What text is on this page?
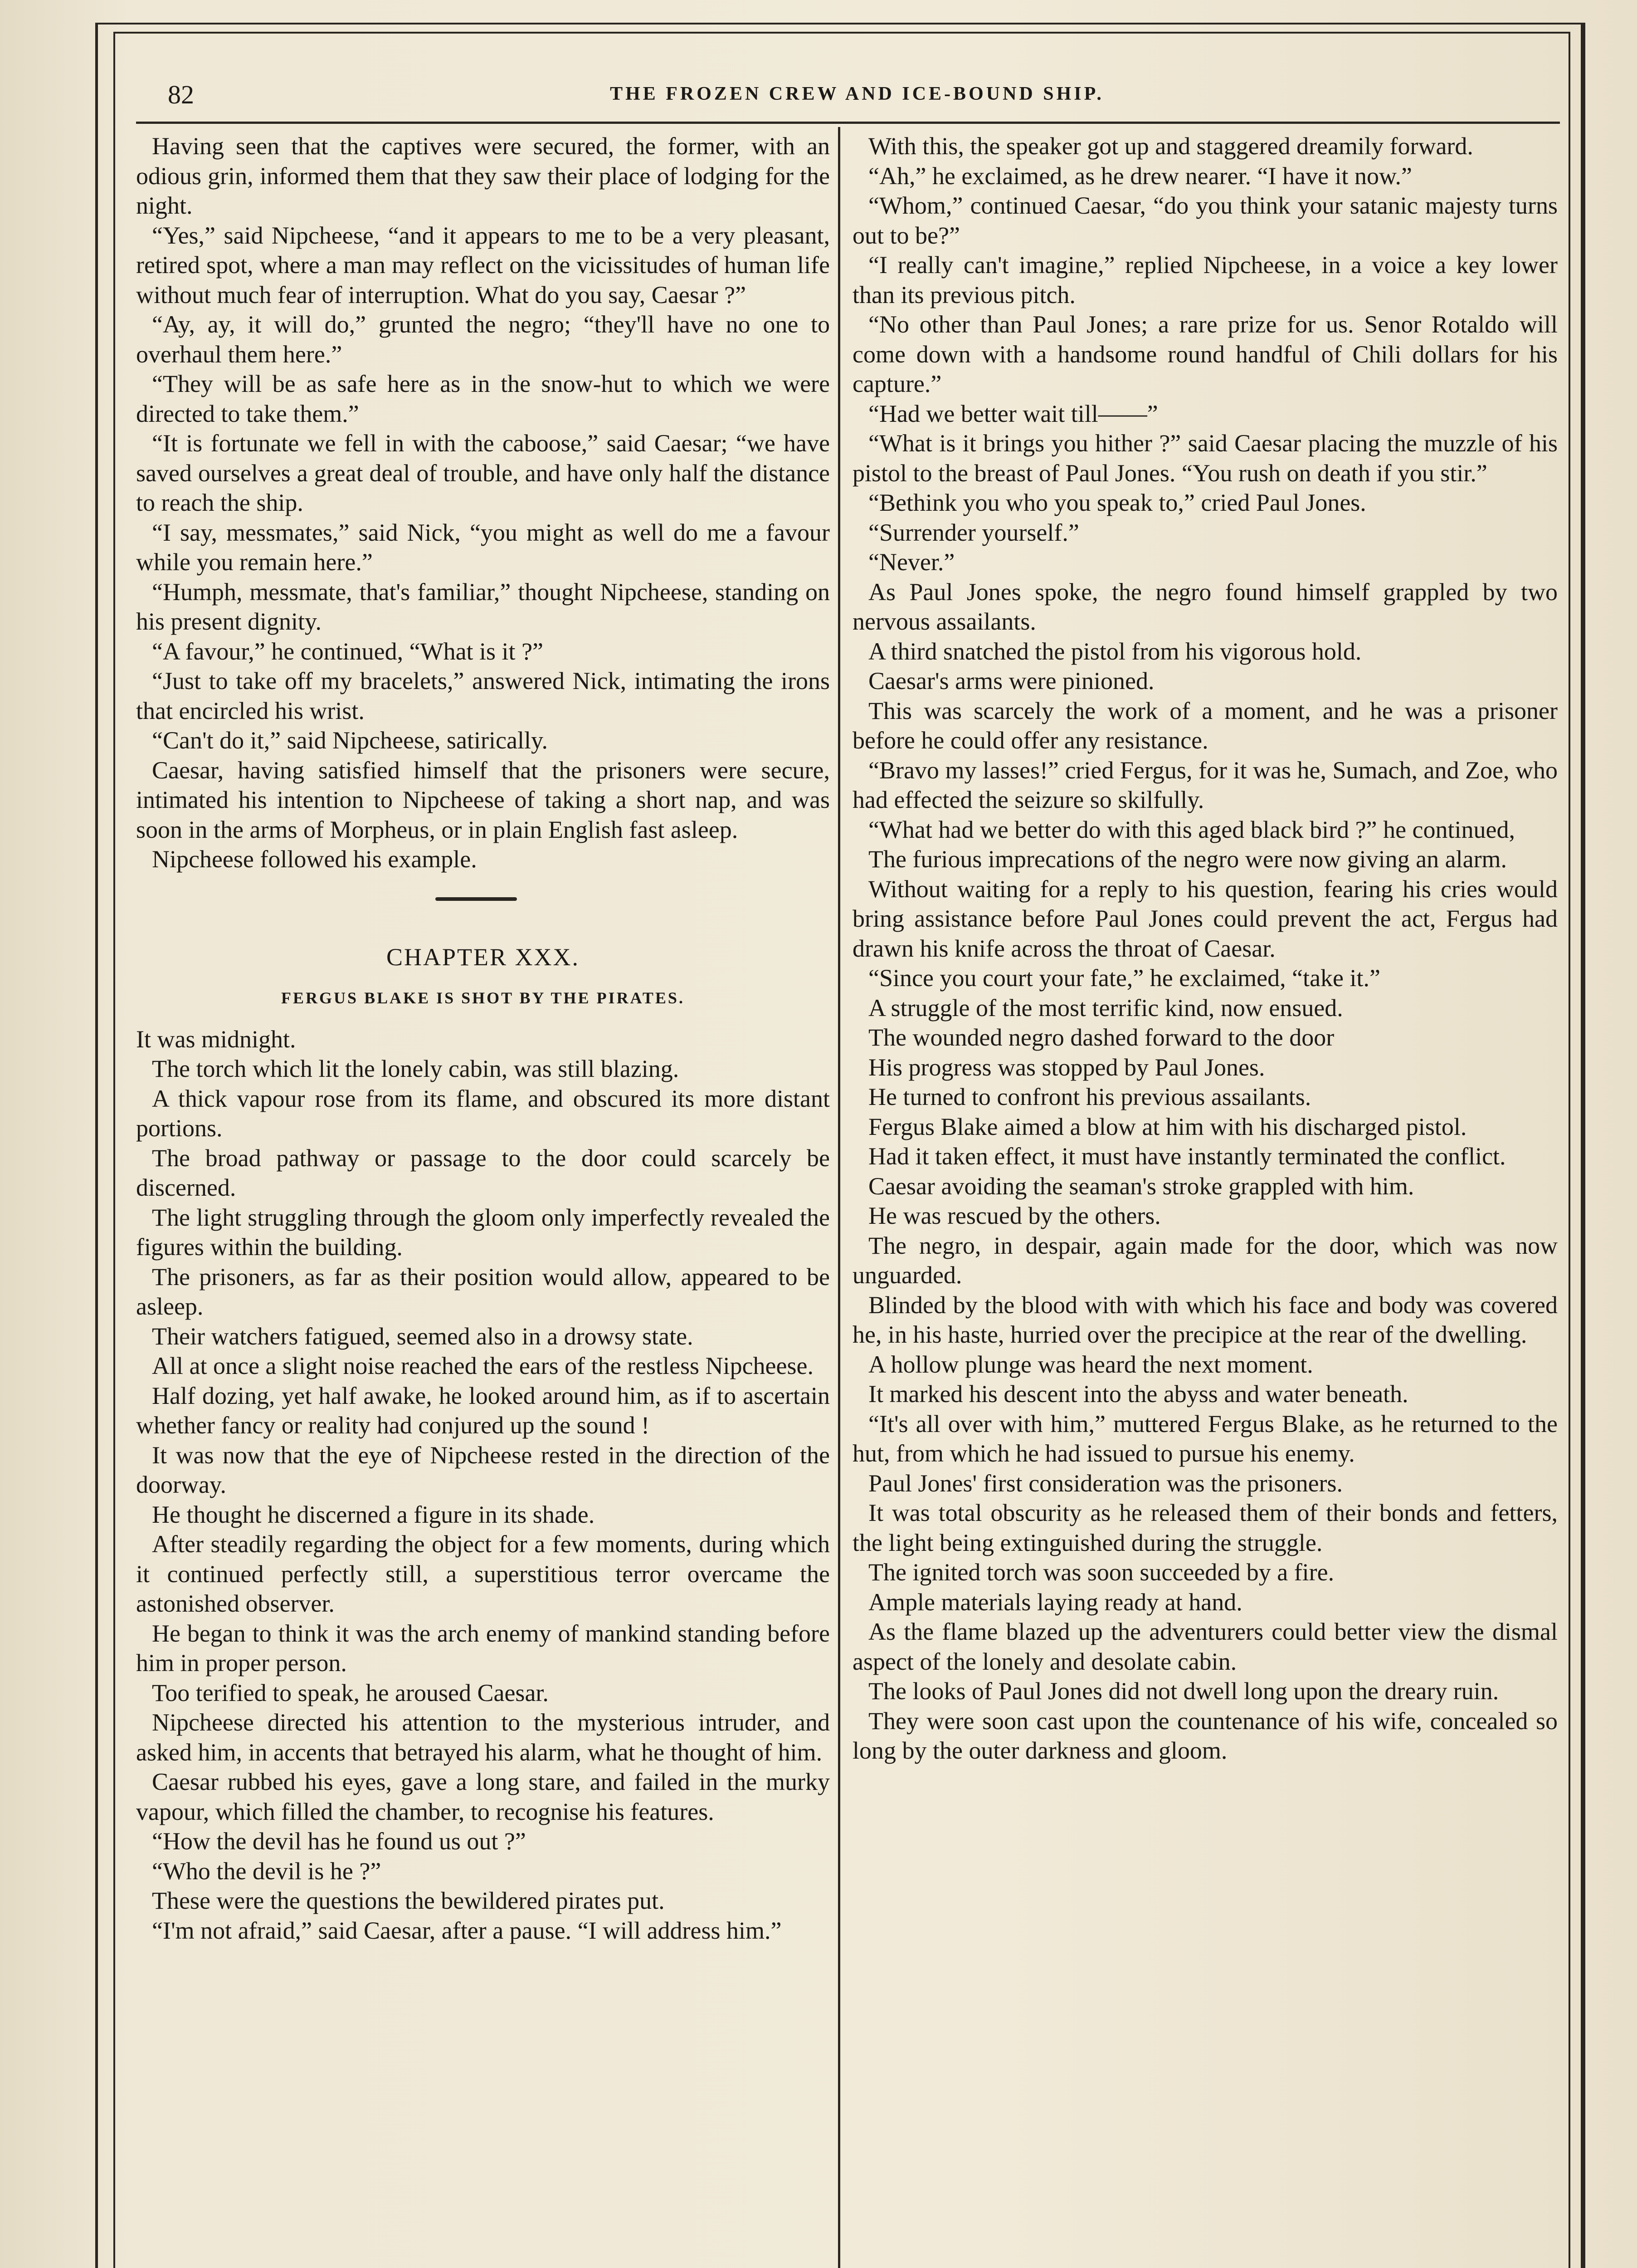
82	THE FROZEN CREW AND ICE-BOUND SHIP.

Having seen that the captives were secured, the former, with an odious grin, informed them that they saw their place of lodging for the night.

“Yes,” said Nipcheese, “and it appears to me to be a very pleasant, retired spot, where a man may reflect on the vicissitudes of human life without much fear of interruption. What do you say, Caesar ?”

“Ay, ay, it will do,” grunted the negro; “they'll have no one to overhaul them here.”

“They will be as safe here as in the snow-hut to which we were directed to take them.”

“It is fortunate we fell in with the caboose,” said Caesar; “we have saved ourselves a great deal of trouble, and have only half the distance to reach the ship.

“I say, messmates,” said Nick, “you might as well do me a favour while you remain here.”

“Humph, messmate, that's familiar,” thought Nipcheese, standing on his present dignity.

“A favour,” he continued, “What is it ?”

“Just to take off my bracelets,” answered Nick, intimating the irons that encircled his wrist.

“Can't do it,” said Nipcheese, satirically.

Caesar, having satisfied himself that the prisoners were secure, intimated his intention to Nipcheese of taking a short nap, and was soon in the arms of Morpheus, or in plain English fast asleep.

Nipcheese followed his example.

CHAPTER XXX.

FERGUS BLAKE IS SHOT BY THE PIRATES.

It was midnight.

The torch which lit the lonely cabin, was still blazing.

A thick vapour rose from its flame, and obscured its more distant portions.

The broad pathway or passage to the door could scarcely be discerned.

The light struggling through the gloom only imperfectly revealed the figures within the building.

The prisoners, as far as their position would allow, appeared to be asleep.

Their watchers fatigued, seemed also in a drowsy state.

All at once a slight noise reached the ears of the restless Nipcheese.

Half dozing, yet half awake, he looked around him, as if to ascertain whether fancy or reality had conjured up the sound !

It was now that the eye of Nipcheese rested in the direction of the doorway.

He thought he discerned a figure in its shade.

After steadily regarding the object for a few moments, during which it continued perfectly still, a superstitious terror overcame the astonished observer.

He began to think it was the arch enemy of mankind standing before him in proper person.

Too terified to speak, he aroused Caesar.

Nipcheese directed his attention to the mysterious intruder, and asked him, in accents that betrayed his alarm, what he thought of him.

Caesar rubbed his eyes, gave a long stare, and failed in the murky vapour, which filled the chamber, to recognise his features.

“How the devil has he found us out ?”

“Who the devil is he ?”

These were the questions the bewildered pirates put.

“I'm not afraid,” said Caesar, after a pause. “I will address him.”

With this, the speaker got up and staggered dreamily forward.

“Ah,” he exclaimed, as he drew nearer. “I have it now.”

“Whom,” continued Caesar, “do you think your satanic majesty turns out to be?”

“I really can't imagine,” replied Nipcheese, in a voice a key lower than its previous pitch.

“No other than Paul Jones; a rare prize for us. Senor Rotaldo will come down with a handsome round handful of Chili dollars for his capture.”

“Had we better wait till——”

“What is it brings you hither ?” said Caesar placing the muzzle of his pistol to the breast of Paul Jones. “You rush on death if you stir.”

“Bethink you who you speak to,” cried Paul Jones.

“Surrender yourself.”

“Never.”

As Paul Jones spoke, the negro found himself grappled by two nervous assailants.

A third snatched the pistol from his vigorous hold.

Caesar's arms were pinioned.

This was scarcely the work of a moment, and he was a prisoner before he could offer any resistance.

“Bravo my lasses!” cried Fergus, for it was he, Sumach, and Zoe, who had effected the seizure so skilfully.

“What had we better do with this aged black bird ?” he continued,

The furious imprecations of the negro were now giving an alarm.

Without waiting for a reply to his question, fearing his cries would bring assistance before Paul Jones could prevent the act, Fergus had drawn his knife across the throat of Caesar.

“Since you court your fate,” he exclaimed, “take it.”

A struggle of the most terrific kind, now ensued.

The wounded negro dashed forward to the door

His progress was stopped by Paul Jones.

He turned to confront his previous assailants.

Fergus Blake aimed a blow at him with his discharged pistol.

Had it taken effect, it must have instantly terminated the conflict.

Caesar avoiding the seaman's stroke grappled with him.

He was rescued by the others.

The negro, in despair, again made for the door, which was now unguarded.

Blinded by the blood with with which his face and body was covered he, in his haste, hurried over the precipice at the rear of the dwelling.

A hollow plunge was heard the next moment.

It marked his descent into the abyss and water beneath.

“It's all over with him,” muttered Fergus Blake, as he returned to the hut, from which he had issued to pursue his enemy.

Paul Jones' first consideration was the prisoners.

It was total obscurity as he released them of their bonds and fetters, the light being extinguished during the struggle.

The ignited torch was soon succeeded by a fire.

Ample materials laying ready at hand.

As the flame blazed up the adventurers could better view the dismal aspect of the lonely and desolate cabin.

The looks of Paul Jones did not dwell long upon the dreary ruin.

They were soon cast upon the countenance of his wife, concealed so long by the outer darkness and gloom.
